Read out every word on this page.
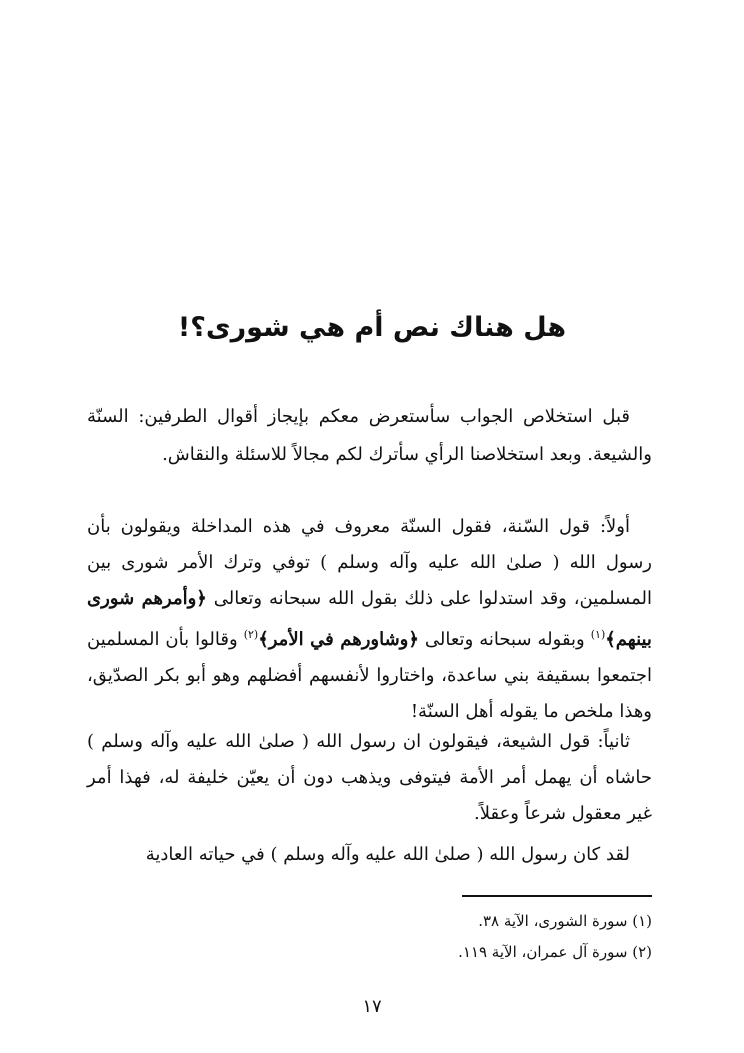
هل هناك نص أم هي شورى؟!

قبل استخلاص الجواب سأستعرض معكم بإيجاز أقوال الطرفين: السنّة والشيعة. وبعد استخلاصنا الرأي سأترك لكم مجالاً للاسئلة والنقاش.

أولاً: قول السّنة، فقول السنّة معروف في هذه المداخلة ويقولون بأن رسول الله ( صلىٰ الله عليه وآله وسلم ) توفي وترك الأمر شورى بين المسلمين، وقد استدلوا على ذلك بقول الله سبحانه وتعالى ﴿وأمرهم شورى بينهم﴾$^{(١)}$ وبقوله سبحانه وتعالى ﴿وشاورهم في الأمر﴾$^{(٢)}$ وقالوا بأن المسلمين اجتمعوا بسقيفة بني ساعدة، واختاروا لأنفسهم أفضلهم وهو أبو بكر الصدّيق، وهذا ملخص ما يقوله أهل السنّة!

ثانياً: قول الشيعة، فيقولون ان رسول الله ( صلىٰ الله عليه وآله وسلم ) حاشاه أن يهمل أمر الأمة فيتوفى ويذهب دون أن يعيّن خليفة له، فهذا أمر غير معقول شرعاً وعقلاً.

لقد كان رسول الله ( صلىٰ الله عليه وآله وسلم ) في حياته العادية

(١) سورة الشورى، الآية ٣٨.
(٢) سورة آل عمران، الآية ١١٩.
١٧
